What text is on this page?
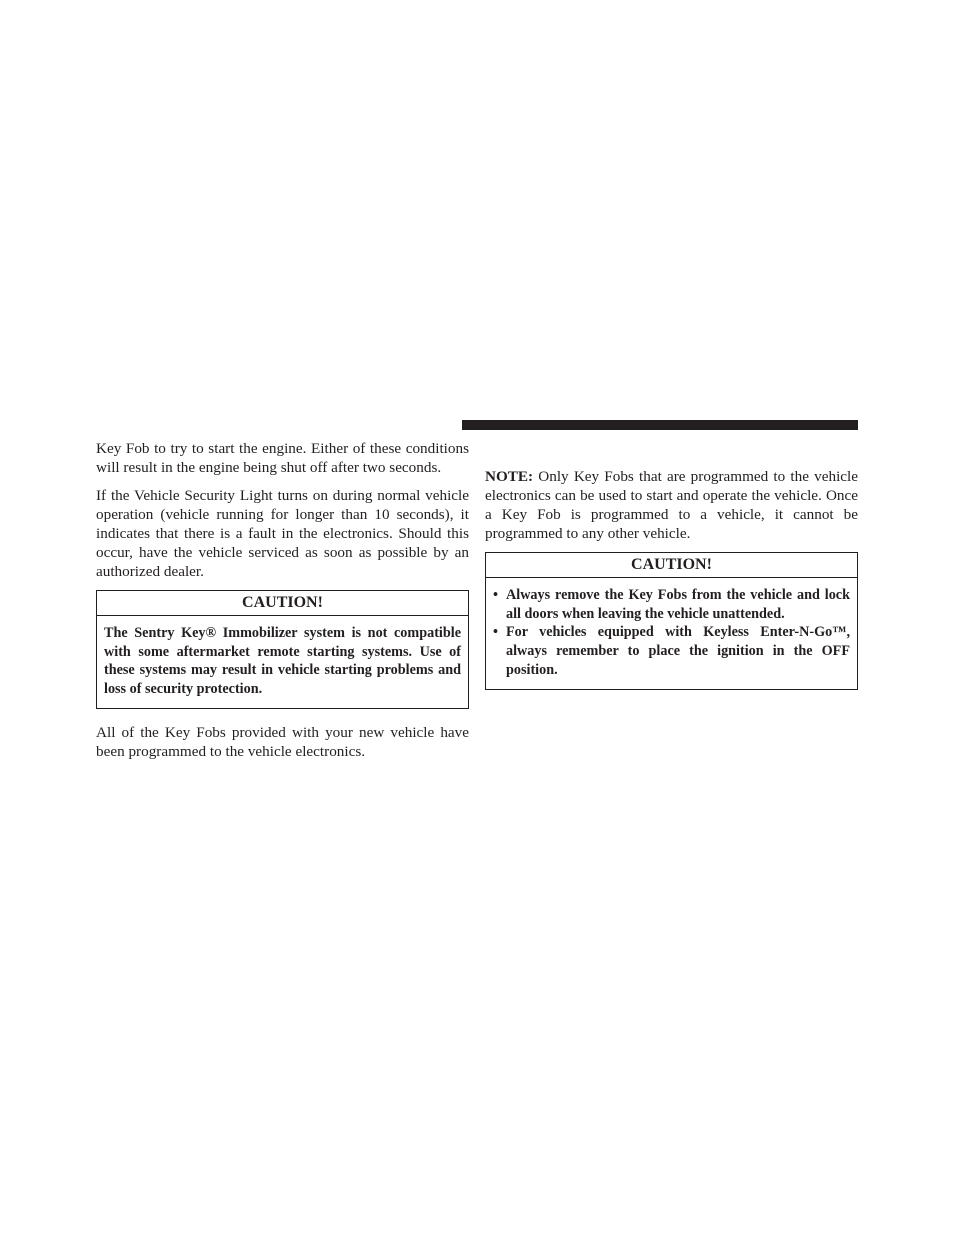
Key Fob to try to start the engine. Either of these conditions will result in the engine being shut off after two seconds.

If the Vehicle Security Light turns on during normal vehicle operation (vehicle running for longer than 10 seconds), it indicates that there is a fault in the electronics. Should this occur, have the vehicle serviced as soon as possible by an authorized dealer.

CAUTION!
The Sentry Key® Immobilizer system is not compatible with some aftermarket remote starting systems. Use of these systems may result in vehicle starting problems and loss of security protection.

All of the Key Fobs provided with your new vehicle have been programmed to the vehicle electronics.

NOTE: Only Key Fobs that are programmed to the vehicle electronics can be used to start and operate the vehicle. Once a Key Fob is programmed to a vehicle, it cannot be programmed to any other vehicle.

CAUTION!
• Always remove the Key Fobs from the vehicle and lock all doors when leaving the vehicle unattended.
• For vehicles equipped with Keyless Enter-N-Go™, always remember to place the ignition in the OFF position.
